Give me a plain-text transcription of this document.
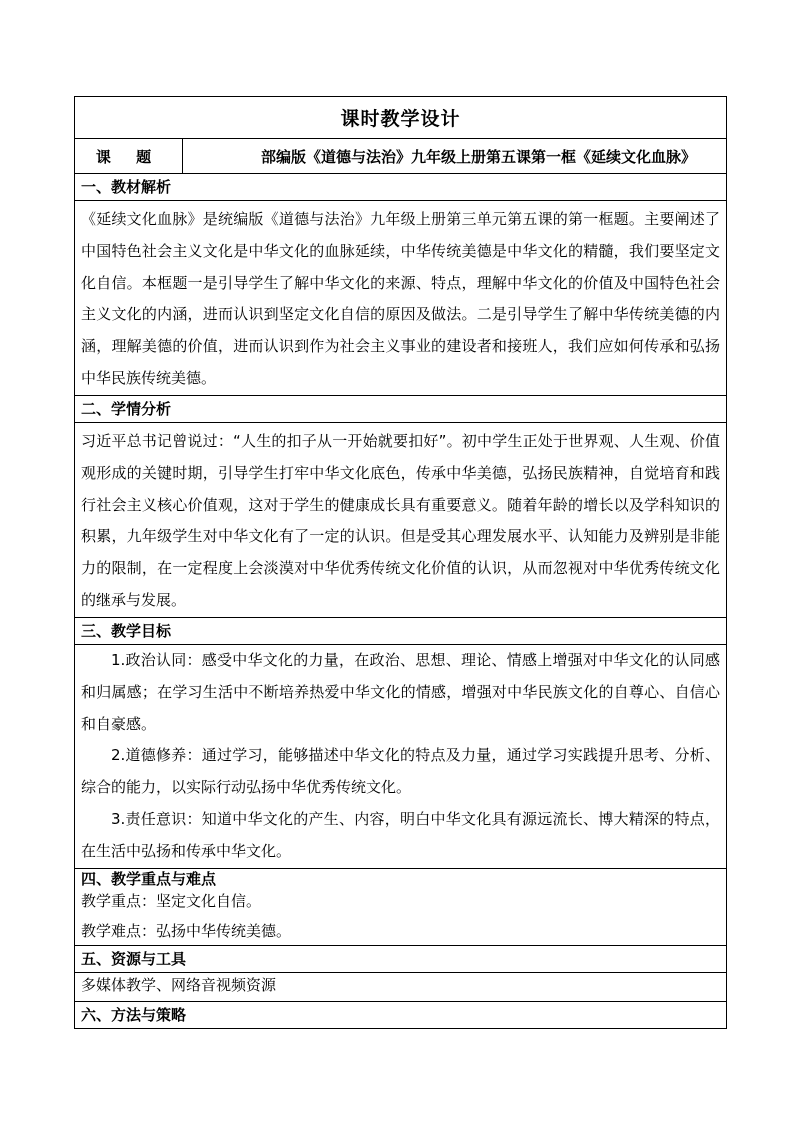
课时教学设计
课 题	部编版《道德与法治》九年级上册第五课第一框《延续文化血脉》
一、教材解析

《延续文化血脉》是统编版《道德与法治》九年级上册第三单元第五课的第一框题。主要阐述了中国特色社会主义文化是中华文化的血脉延续，中华传统美德是中华文化的精髓，我们要坚定文化自信。本框题一是引导学生了解中华文化的来源、特点，理解中华文化的价值及中国特色社会主义文化的内涵，进而认识到坚定文化自信的原因及做法。二是引导学生了解中华传统美德的内涵，理解美德的价值，进而认识到作为社会主义事业的建设者和接班人，我们应如何传承和弘扬中华民族传统美德。

二、学情分析

习近平总书记曾说过：“人生的扣子从一开始就要扣好”。初中学生正处于世界观、人生观、价值观形成的关键时期，引导学生打牢中华文化底色，传承中华美德，弘扬民族精神，自觉培育和践行社会主义核心价值观，这对于学生的健康成长具有重要意义。随着年龄的增长以及学科知识的积累，九年级学生对中华文化有了一定的认识。但是受其心理发展水平、认知能力及辨别是非能力的限制，在一定程度上会淡漠对中华优秀传统文化价值的认识，从而忽视对中华优秀传统文化的继承与发展。

三、教学目标

1.政治认同：感受中华文化的力量，在政治、思想、理论、情感上增强对中华文化的认同感和归属感；在学习生活中不断培养热爱中华文化的情感，增强对中华民族文化的自尊心、自信心和自豪感。

2.道德修养：通过学习，能够描述中华文化的特点及力量，通过学习实践提升思考、分析、综合的能力，以实际行动弘扬中华优秀传统文化。

3.责任意识：知道中华文化的产生、内容，明白中华文化具有源远流长、博大精深的特点，在生活中弘扬和传承中华文化。

四、教学重点与难点

教学重点：坚定文化自信。

教学难点：弘扬中华传统美德。

五、资源与工具

多媒体教学、网络音视频资源

六、方法与策略
